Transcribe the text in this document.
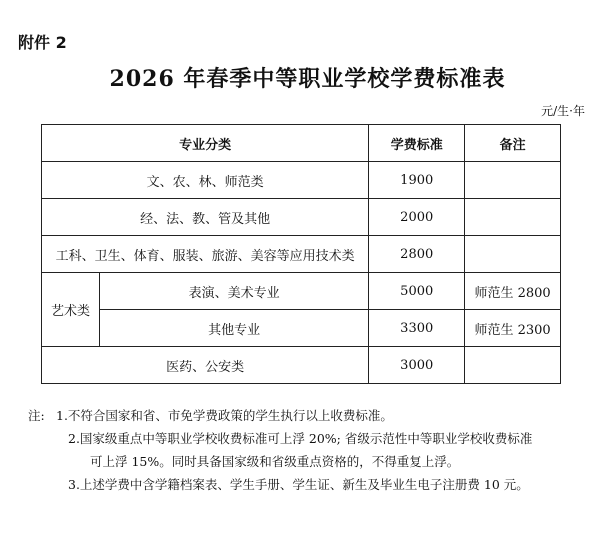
附件 2
2026 年春季中等职业学校学费标准表
元/生·年
专业分类		学费标准	备注
文、农、林、师范类		1900	
经、法、教、管及其他		2000	
工科、卫生、体育、服装、旅游、美容等应用技术类		2800	
艺术类	表演、美术专业	5000	师范生 2800
	其他专业	3300	师范生 2300
医药、公安类		3000	
注: 1.不符合国家和省、市免学费政策的学生执行以上收费标准。
2.国家级重点中等职业学校收费标准可上浮 20%; 省级示范性中等职业学校收费标准
可上浮 15%。同时具备国家级和省级重点资格的，不得重复上浮。
3.上述学费中含学籍档案表、学生手册、学生证、新生及毕业生电子注册费 10 元。
